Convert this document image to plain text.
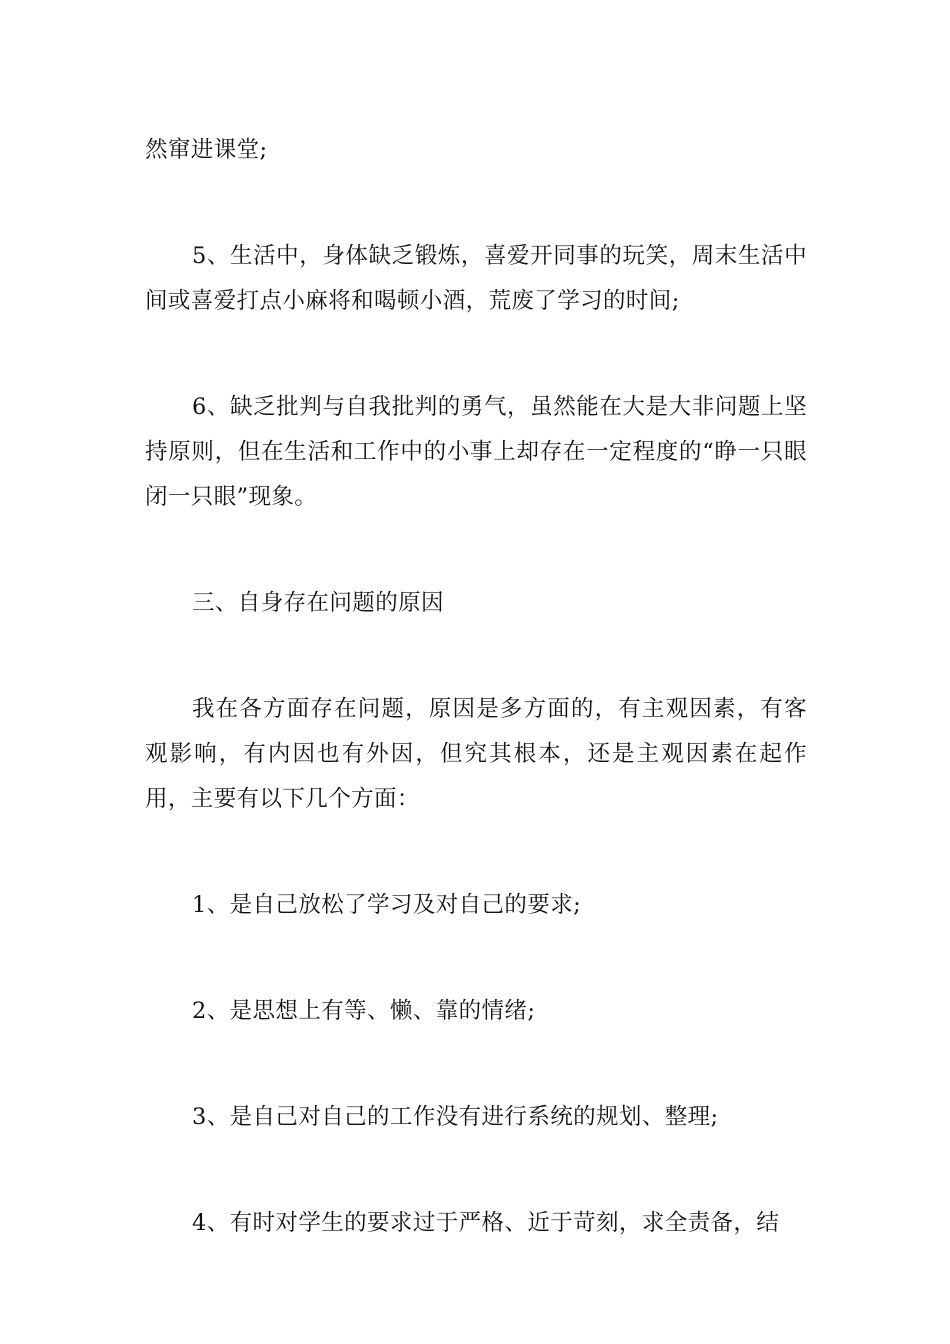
然窜进课堂;

5、生活中，身体缺乏锻炼，喜爱开同事的玩笑，周末生活中间或喜爱打点小麻将和喝顿小酒，荒废了学习的时间;

6、缺乏批判与自我批判的勇气，虽然能在大是大非问题上坚持原则，但在生活和工作中的小事上却存在一定程度的“睁一只眼闭一只眼”现象。

三、自身存在问题的原因

我在各方面存在问题，原因是多方面的，有主观因素，有客观影响，有内因也有外因，但究其根本，还是主观因素在起作用，主要有以下几个方面：

1、是自己放松了学习及对自己的要求;

2、是思想上有等、懒、靠的情绪;

3、是自己对自己的工作没有进行系统的规划、整理;

4、有时对学生的要求过于严格、近于苛刻，求全责备，结
